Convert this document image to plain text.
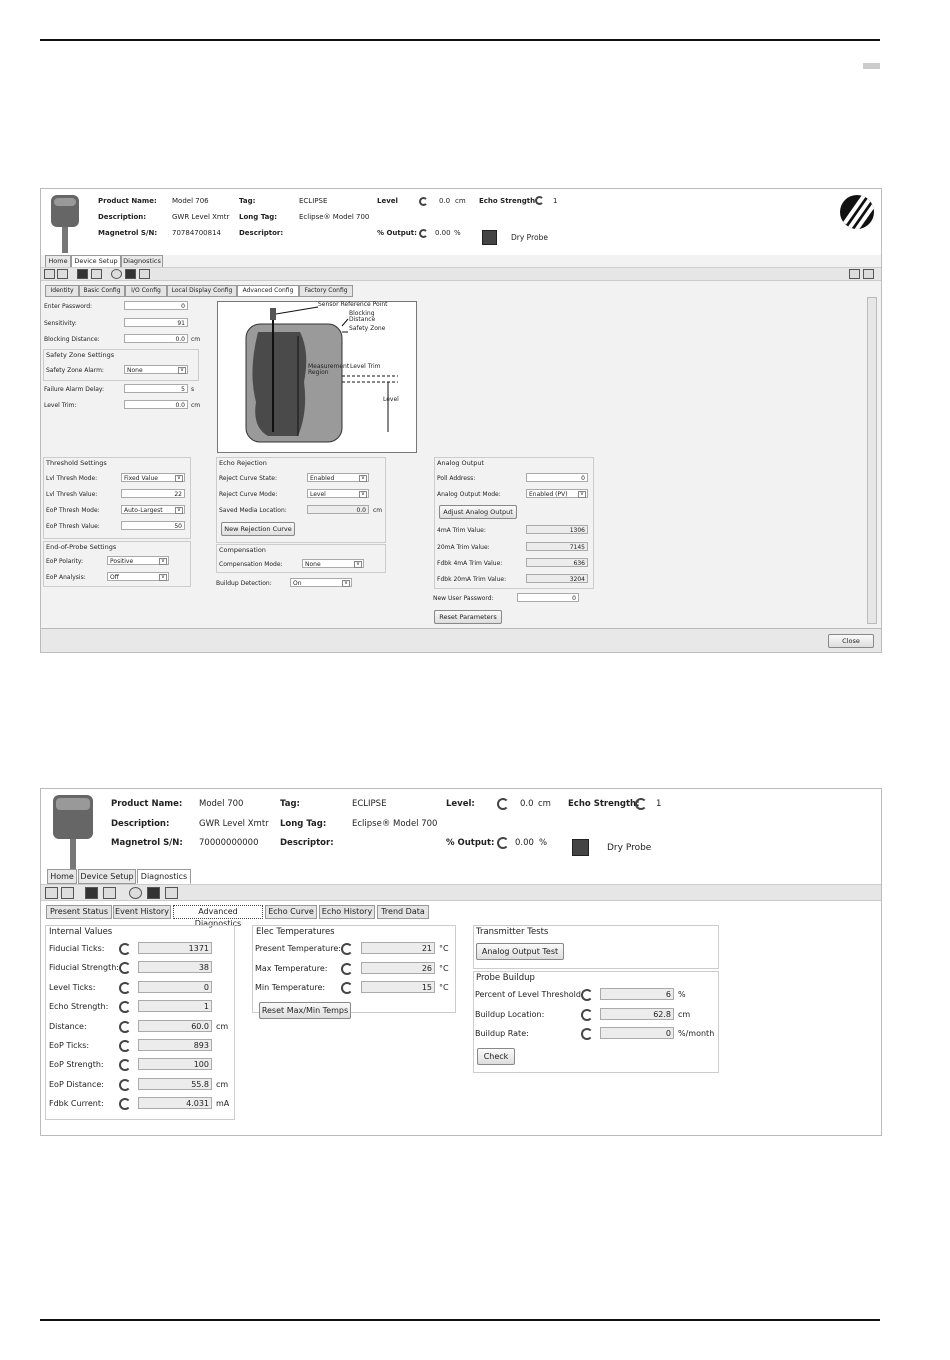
Product Name: Model 706
Description:	GWR Level Xmtr
Magnetrol S/N: 70784700814
Tag:	ECLIPSE
Long Tag:	Eclipse® Model 700
Descriptor:
Level	0.0 cm
% Output:	0.00 %
Echo Strength: 1
Dry Probe
Home	Device Setup Diagnostics
Identity	Basic Config	I/O Config	Local Display Config	Advanced Config	Factory Config
Enter Password:	0
Sensitivity:	91
Blocking Distance:	0.0	cm
Safety Zone Settings
Safety Zone Alarm:	None	v
Failure Alarm Delay:	5	s
Level Trim:	0.0	cm
Sensor Reference Point
Blocking Distance
Safety Zone
Measurement Region
Level Trim
Level
Threshold Settings
Lvl Thresh Mode:	Fixed Value	v
Lvl Thresh Value:	22
EoP Thresh Mode:	Auto-Largest	v
EoP Thresh Value:	50
End-of-Probe Settings
EoP Polarity:	Positive	v
EoP Analysis:	Off	v
Echo Rejection
Reject Curve State:	Enabled	v
Reject Curve Mode:	Level	v
Saved Media Location:	0.0	cm
New Rejection Curve
Compensation
Compensation Mode:	None	v
Buildup Detection:	On	v
Analog Output
Poll Address:	0
Analog Output Mode:	Enabled (PV)	v
Adjust Analog Output
4mA Trim Value:	1306
20mA Trim Value:	7145
Fdbk 4mA Trim Value:	636
Fdbk 20mA Trim Value:	3204
New User Password:	0
Reset Parameters
Close
Product Name: Model 700
Description:	GWR Level Xmtr
Magnetrol S/N: 70000000000
Tag:	ECLIPSE
Long Tag:	Eclipse® Model 700
Descriptor:
Level:	0.0 cm
% Output: 0.00 %
Echo Strength: 1
Dry Probe
Home Device Setup Diagnostics
Present Status Event History	Advanced Diagnostics
Echo Curve	Echo History	Trend Data
Internal Values
Fiducial Ticks:	1371
Fiducial Strength:	38
Level Ticks:	0
Echo Strength:	1
Distance:	60.0 cm
EoP Ticks:	893
EoP Strength:	100
EoP Distance:	55.8 cm
Fdbk Current:	4.031 mA
Elec Temperatures
Present Temperature:	21 °C
Max Temperature:	26 °C
Min Temperature:	15 °C
Reset Max/Min Temps
Transmitter Tests
Analog Output Test
Probe Buildup
Percent of Level Threshold:	6 %
Buildup Location:	62.8 cm
Buildup Rate:	0 %/month
Check
